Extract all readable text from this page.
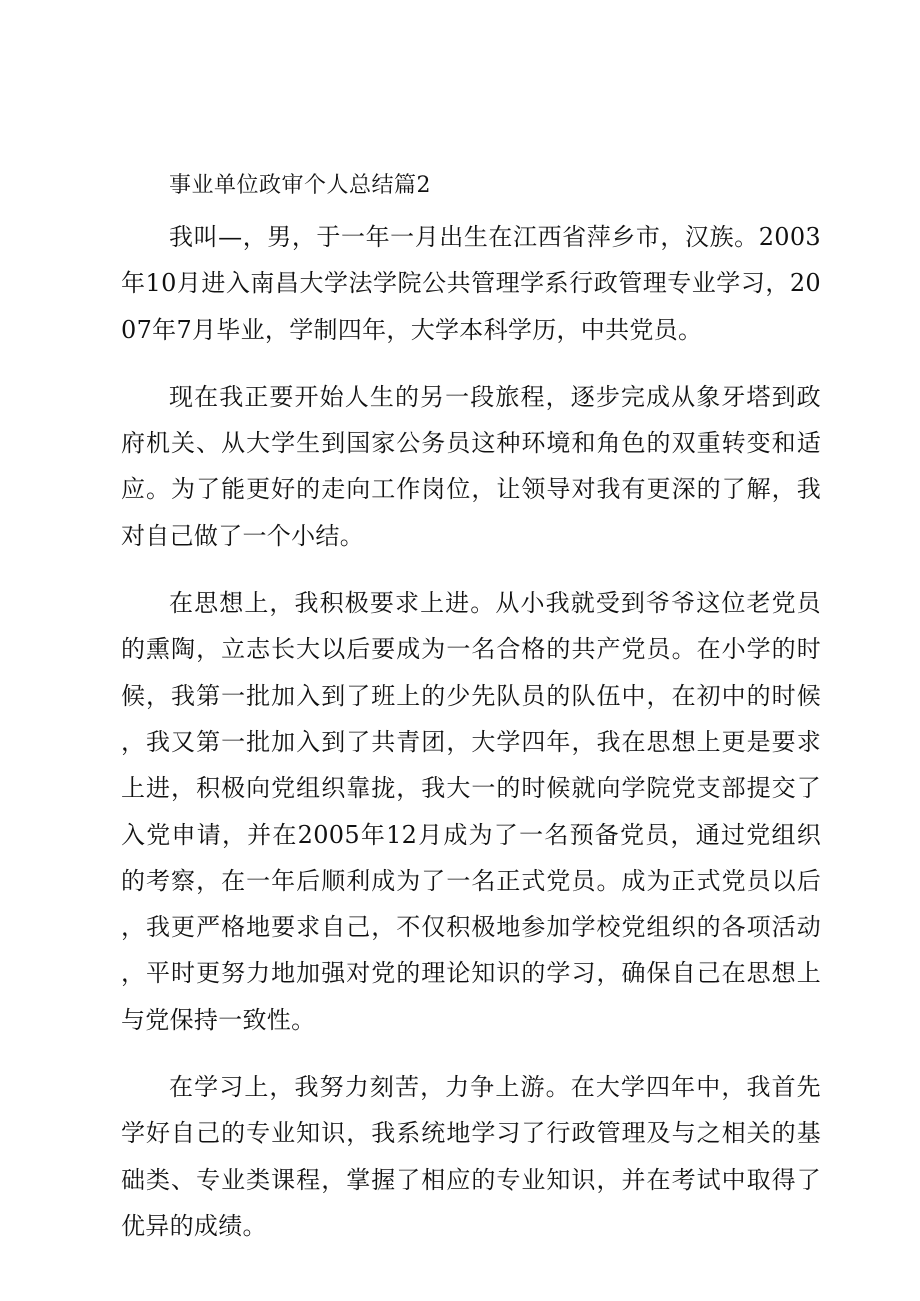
事业单位政审个人总结篇2

我叫—，男，于一年一月出生在江西省萍乡市，汉族。2003年10月进入南昌大学法学院公共管理学系行政管理专业学习，2007年7月毕业，学制四年，大学本科学历，中共党员。

现在我正要开始人生的另一段旅程，逐步完成从象牙塔到政府机关、从大学生到国家公务员这种环境和角色的双重转变和适应。为了能更好的走向工作岗位，让领导对我有更深的了解，我对自己做了一个小结。

在思想上，我积极要求上进。从小我就受到爷爷这位老党员的熏陶，立志长大以后要成为一名合格的共产党员。在小学的时候，我第一批加入到了班上的少先队员的队伍中，在初中的时候，我又第一批加入到了共青团，大学四年，我在思想上更是要求上进，积极向党组织靠拢，我大一的时候就向学院党支部提交了入党申请，并在2005年12月成为了一名预备党员，通过党组织的考察，在一年后顺利成为了一名正式党员。成为正式党员以后，我更严格地要求自己，不仅积极地参加学校党组织的各项活动，平时更努力地加强对党的理论知识的学习，确保自己在思想上与党保持一致性。

在学习上，我努力刻苦，力争上游。在大学四年中，我首先学好自己的专业知识，我系统地学习了行政管理及与之相关的基础类、专业类课程，掌握了相应的专业知识，并在考试中取得了优异的成绩。
